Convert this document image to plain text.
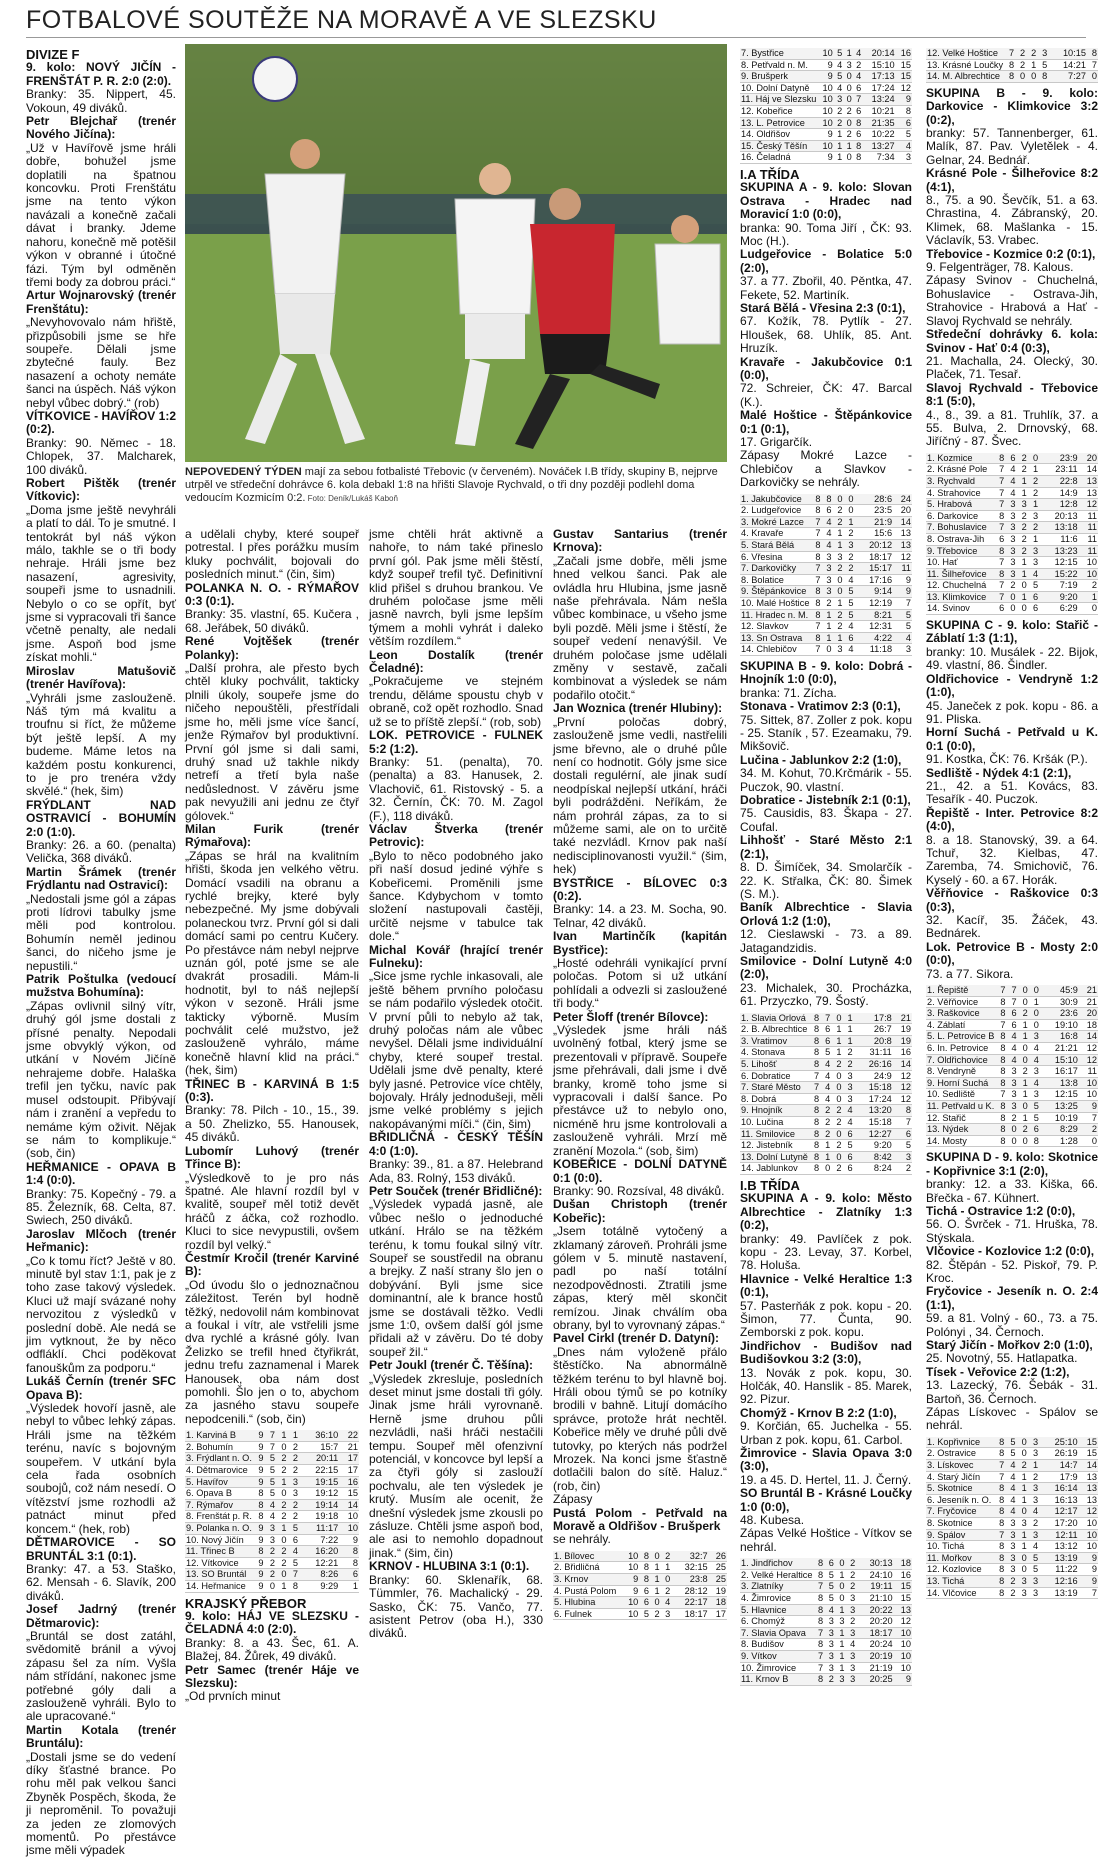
FOTBALOVÉ SOUTĚŽE NA MORAVĚ A VE SLEZSKU

DIVIZE F

9. kolo: NOVÝ JIČÍN - FRENŠTÁT P. R. 2:0 (2:0).

Branky: 35. Nippert, 45. Vokoun, 49 diváků.

Petr Blejchař (trenér Nového Jičína):

„Už v Havířově jsme hráli dobře, bohužel jsme doplatili na špatnou koncovku. Proti Frenštátu jsme na tento výkon navázali a konečně začali dávat i branky. Jdeme nahoru, konečně mě potěšil výkon v obranné i útočné fázi. Tým byl odměněn třemi body za dobrou práci.“

Artur Wojnarovský (trenér Frenštátu):

„Nevyhovovalo nám hřiště, přizpůsobili jsme se hře soupeře. Dělali jsme zbytečné fauly. Bez nasazení a ochoty nemáte šanci na úspěch. Náš výkon nebyl vůbec dobrý.“ (rob)

VÍTKOVICE - HAVÍŘOV 1:2 (0:2).

Branky: 90. Němec - 18. Chlopek, 37. Malcharek, 100 diváků.

Robert Pištěk (trenér Vítkovic):

„Doma jsme ještě nevyhráli a platí to dál. To je smutné. I tentokrát byl náš výkon málo, takhle se o tři body nehraje. Hráli jsme bez nasazení, agresivity, soupeři jsme to usnadnili. Nebylo o co se opřít, byť jsme si vypracovali tři šance včetně penalty, ale nedali jsme. Aspoň bod jsme získat mohli.“

Miroslav Matušovič (trenér Havířova):

„Vyhráli jsme zaslouženě. Náš tým má kvalitu a troufnu si říct, že můžeme být ještě lepší. A my budeme. Máme letos na každém postu konkurenci, to je pro trenéra vždy skvělé.“ (hek, šim)

FRÝDLANT NAD OSTRAVICÍ - BOHUMÍN 2:0 (1:0).

Branky: 26. a 60. (penalta) Velička, 368 diváků.

Martin Šrámek (trenér Frýdlantu nad Ostravicí):

„Nedostali jsme gól a zápas proti lídrovi tabulky jsme měli pod kontrolou. Bohumín neměl jedinou šanci, do ničeho jsme je nepustili.“

Patrik Poštulka (vedoucí mužstva Bohumína):

„Zápas ovlivnil silný vítr, druhý gól jsme dostali z přísné penalty. Nepodali jsme obvyklý výkon, od utkání v Novém Jičíně nehrajeme dobře. Halaška trefil jen tyčku, navíc pak musel odstoupit. Přibývají nám i zranění a vepředu to nemáme kým oživit. Nějak se nám to komplikuje.“ (sob, čin)

HEŘMANICE - OPAVA B 1:4 (0:0).

Branky: 75. Kopečný - 79. a 85. Železník, 68. Celta, 87. Swiech, 250 diváků.

Jaroslav Mlčoch (trenér Heřmanic):

„Co k tomu říct? Ještě v 80. minutě byl stav 1:1, pak je z toho zase takový výsledek. Kluci už mají svázané nohy nervozitou z výsledků v poslední době. Ale nedá se jim vytknout, že by něco odfláklí. Chci poděkovat fanouškům za podporu.“

Lukáš Černín (trenér SFC Opava B):

„Výsledek hovoří jasně, ale nebyl to vůbec lehký zápas. Hráli jsme na těžkém terénu, navíc s bojovným soupeřem. V utkání byla cela řada osobních soubojů, což nám nesedí. O vítězství jsme rozhodli až patnáct minut před koncem.“ (hek, rob)

DĚTMAROVICE - SO BRUNTÁL 3:1 (0:1).

Branky: 47. a 53. Staško, 62. Mensah - 6. Slavík, 200 diváků.

Josef Jadrný (trenér Dětmarovic):

„Bruntál se dost zatáhl, svědomitě bránil a vývoj zápasu šel za ním. Vyšla nám střídání, nakonec jsme potřebné góly dali a zaslouženě vyhráli. Bylo to ale upracované.“

Martin Kotala (trenér Bruntálu):

„Dostali jsme se do vedení díky šťastné brance. Po rohu měl pak velkou šanci Zbyněk Pospěch, škoda, že ji neproměnil. To považuji za jeden ze zlomových momentů. Po přestávce jsme měli výpadek

NEPOVEDENÝ TÝDEN mají za sebou fotbalisté Třebovic (v červeném). Nováček I.B třídy, skupiny B, nejprve utrpěl ve středeční dohrávce 6. kola debakl 1:8 na hřišti Slavoje Rychvald, o tři dny později podlehl doma vedoucím Kozmicím 0:2. Foto: Deník/Lukáš Kaboň

a udělali chyby, které soupeř potrestal. I přes porážku musím kluky pochválit, bojovali do posledních minut.“ (čin, šim)

POLANKA N. O. - RÝMAŘOV 0:3 (0:1).

Branky: 35. vlastní, 65. Kučera , 68. Jeřábek, 50 diváků.

René Vojtěšek (trenér Polanky):

„Další prohra, ale přesto bych chtěl kluky pochválit, takticky plnili úkoly, soupeře jsme do ničeho nepouštěli, přestřídali jsme ho, měli jsme více šancí, jenže Rýmařov byl produktivní. První gól jsme si dali sami, druhý snad už takhle nikdy netrefí a třetí byla naše nedůslednost. V závěru jsme pak nevyužili ani jednu ze čtyř gólovek.“

Milan Furik (trenér Rýmařova):

„Zápas se hrál na kvalitním hřišti, škoda jen velkého větru. Domácí vsadili na obranu a rychlé brejky, které byly nebezpečné. My jsme dobývali polaneckou tvrz. První gól si dali domácí sami po centru Kučery. Po přestávce nám nebyl nejprve uznán gól, poté jsme se ale dvakrát prosadili. Mám-li hodnotit, byl to náš nejlepší výkon v sezoně. Hráli jsme takticky výborně. Musím pochválit celé mužstvo, jež zaslouženě vyhrálo, máme konečně hlavní klid na práci.“ (hek, šim)

TŘINEC B - KARVINÁ B 1:5 (0:3).

Branky: 78. Pilch - 10., 15., 39. a 50. Zhelizko, 55. Hanousek, 45 diváků.

Lubomír Luhový (trenér Třince B):

„Výsledkově to je pro nás špatné. Ale hlavní rozdíl byl v kvalitě, soupeř měl totiž devět hráčů z áčka, což rozhodlo. Kluci to sice nevypustili, ovšem rozdíl byl velký.“

Čestmír Kročil (trenér Karviné B):

„Od úvodu šlo o jednoznačnou záležitost. Terén byl hodně těžký, nedovolil nám kombinovat a foukal i vítr, ale vstřelili jsme dva rychlé a krásné góly. Ivan Želizko se trefil hned čtyřikrát, jednu trefu zaznamenal i Marek Hanousek, oba nám dost pomohli. Šlo jen o to, abychom za jasného stavu soupeře nepodcenili.“ (sob, čin)

1. Karviná B	9	7	1	1	36:10	22
2. Bohumín	9	7	0	2	15:7	21
3. Frýdlant n. O.	9	5	2	2	20:11	17
4. Dětmarovice	9	5	2	2	22:15	17
5. Havířov	9	5	1	3	19:15	16
6. Opava B	8	5	0	3	19:12	15
7. Rýmařov	8	4	2	2	19:14	14
8. Frenštát p. R.	8	4	2	2	19:18	10
9. Polanka n. O.	9	3	1	5	11:17	10
10. Nový Jičín	9	3	0	6	7:22	9
11. Třinec B	8	2	2	4	16:20	8
12. Vítkovice	9	2	2	5	12:21	8
13. SO Bruntál	9	2	0	7	8:26	6
14. Heřmanice	9	0	1	8	9:29	1

KRAJSKÝ PŘEBOR

9. kolo: HÁJ VE SLEZSKU - ČELADNÁ 4:0 (2:0).

Branky: 8. a 43. Šec, 61. A. Blažej, 84. Žůrek, 49 diváků.

Petr Samec (trenér Háje ve Slezsku):

„Od prvních minut

jsme chtěli hrát aktivně a nahoře, to nám také přineslo první gól. Pak jsme měli štěstí, když soupeř trefil tyč. Definitivní klid přišel s druhou brankou. Ve druhém poločase jsme měli jasně navrch, byli jsme lepším týmem a mohli vyhrát i daleko větším rozdílem.“

Leon Dostalík (trenér Čeladné):

„Pokračujeme ve stejném trendu, děláme spoustu chyb v obraně, což opět rozhodlo. Snad už se to příště zlepší.“ (rob, sob)

LOK. PETROVICE - FULNEK 5:2 (1:2).

Branky: 51. (penalta), 70. (penalta) a 83. Hanusek, 2. Vlachovič, 61. Ristovský - 5. a 32. Černín, ČK: 70. M. Zagol (F.), 118 diváků.

Václav Štverka (trenér Petrovic):

„Bylo to něco podobného jako při naší dosud jediné výhře s Kobeřicemi. Proměnili jsme šance. Kdybychom v tomto složení nastupovali častěji, určitě nejsme v tabulce tak dole.“

Michal Kovář (hrající trenér Fulneku):

„Sice jsme rychle inkasovali, ale ještě během prvního poločasu se nám podařilo výsledek otočit. V první půli to nebylo až tak, druhý poločas nám ale vůbec nevyšel. Dělali jsme individuální chyby, které soupeř trestal. Udělali jsme dvě penalty, které byly jasné. Petrovice více chtěly, bojovaly. Hrály jednodušeji, měli jsme velké problémy s jejich nakopávanými míči.“ (čin, šim)

BŘIDLIČNÁ - ČESKÝ TĚŠÍN 4:0 (1:0).

Branky: 39., 81. a 87. Helebrand Ada, 83. Rolný, 153 diváků.

Petr Souček (trenér Břidličné):

„Výsledek vypadá jasně, ale vůbec nešlo o jednoduché utkání. Hrálo se na těžkém terénu, k tomu foukal silný vítr. Soupeř se soustředil na obranu a brejky. Z naší strany šlo jen o dobývání. Byli jsme sice dominantní, ale k brance hostů jsme se dostávali těžko. Vedli jsme 1:0, ovšem další gól jsme přidali až v závěru. Do té doby soupeř žil.“

Petr Joukl (trenér Č. Těšína):

„Výsledek zkresluje, posledních deset minut jsme dostali tři góly. Jinak jsme hráli vyrovnaně. Herně jsme druhou půli nezvládli, naši hráči nestačili tempu. Soupeř měl ofenzivní potenciál, v koncovce byl lepší a za čtyři góly si zaslouží pochvalu, ale ten výsledek je krutý. Musím ale ocenit, že dnešní výsledek jsme zkousli po zásluze. Chtěli jsme aspoň bod, ale asi to nemohlo dopadnout jinak.“ (šim, čin)

KRNOV - HLUBINA 3:1 (0:1).

Branky: 60. Sklenařík, 68. Tümmler, 76. Machalický - 29. Sasko, ČK: 75. Vančo, 77. asistent Petrov (oba H.), 330 diváků.

Gustav Santarius (trenér Krnova):

„Začali jsme dobře, měli jsme hned velkou šanci. Pak ale ovládla hru Hlubina, jsme jasně naše přehrávala. Nám nešla vůbec kombinace, u všeho jsme byli pozdě. Měli jsme i štěstí, že soupeř vedení nenavýšil. Ve druhém poločase jsme udělali změny v sestavě, začali kombinovat a výsledek se nám podařilo otočit.“

Jan Woznica (trenér Hlubiny):

„První poločas dobrý, zaslouženě jsme vedli, nastřelili jsme břevno, ale o druhé půle není co hodnotit. Góly jsme sice dostali regulérní, ale jinak sudí neodpískal nejlepší utkání, hráči byli podrážděni. Neříkám, že nám prohrál zápas, za to si můžeme sami, ale on to určitě také nezvládl. Krnov pak naší nedisciplinovanosti využil.“ (šim, hek)

BYSTŘICE - BÍLOVEC 0:3 (0:2).

Branky: 14. a 23. M. Socha, 90. Telnar, 42 diváků.

Ivan Martinčík (kapitán Bystřice):

„Hosté odehráli vynikající první poločas. Potom si už utkání pohlídali a odvezli si zasloužené tři body.“

Peter Šloff (trenér Bílovce):

„Výsledek jsme hráli náš uvolněný fotbal, který jsme se prezentovali v přípravě. Soupeře jsme přehrávali, dali jsme i dvě branky, kromě toho jsme si vypracovali i další šance. Po přestávce už to nebylo ono, nicméně hru jsme kontrolovali a zaslouženě vyhráli. Mrzí mě zranění Mozola.“ (sob, šim)

KOBEŘICE - DOLNÍ DATYNĚ 0:1 (0:0).

Branky: 90. Rozsíval, 48 diváků.

Dušan Christoph (trenér Kobeřic):

„Jsem totálně vytočený a zklamaný zároveň. Prohráli jsme gólem v 5. minutě nastavení, padl po naší totální nezodpovědnosti. Ztratili jsme zápas, který měl skončit remízou. Jinak chválím oba obrany, byl to vyrovnaný zápas.“

Pavel Cirkl (trenér D. Datyní):

„Dnes nám vyloženě přálo štěstíčko. Na abnormálně těžkém terénu to byl hlavně boj. Hráli obou týmů se po kotníky brodili v bahně. Litují domácího správce, protože hrát nechtěl. Kobeřice měly ve druhé půli dvě tutovky, po kterých nás podržel Mrozek. Na konci jsme šťastně dotlačili balon do sítě. Haluz.“ (rob, čin)

Zápasy

Pustá Polom - Petřvald na Moravě a Oldřišov - Brušperk

se nehrály.

1. Bílovec	10	8	0	2	32:7	26
2. Břidličná	10	8	1	1	32:15	25
3. Krnov	9	8	1	0	23:8	25
4. Pustá Polom	9	6	1	2	28:12	19
5. Hlubina	10	6	0	4	22:17	18
6. Fulnek	10	5	2	3	18:17	17
7. Bystřice	10	5	1	4	20:14	16
8. Petřvald n. M.	9	4	3	2	15:10	15
9. Brušperk	9	5	0	4	17:13	15
10. Dolní Datyně	10	4	0	6	17:24	12
11. Háj ve Slezsku	10	3	0	7	13:24	9
12. Kobeřice	10	2	2	6	10:21	8
13. L. Petrovice	10	2	0	8	21:35	6
14. Oldřišov	9	1	2	6	10:22	5
15. Český Těšín	10	1	1	8	13:27	4
16. Čeladná	9	1	0	8	7:34	3

I.A TŘÍDA

SKUPINA A - 9. kolo: Slovan Ostrava - Hradec nad Moravicí 1:0 (0:0),

branka: 90. Toma Jiří , ČK: 93. Moc (H.).

Ludgeřovice - Bolatice 5:0 (2:0),

37. a 77. Zbořil, 40. Pěntka, 47. Fekete, 52. Martiník.

Stará Bělá - Vřesina 2:3 (0:1),

67. Kožík, 78. Pytlík - 27. Hloušek, 68. Uhlík, 85. Ant. Hruzík.

Kravaře - Jakubčovice 0:1 (0:0),

72. Schreier, ČK: 47. Barcal (K.).

Malé Hoštice - Štěpánkovice 0:1 (0:1),

17. Grigarčík.

Zápasy Mokré Lazce - Chlebičov a Slavkov - Darkovičky se nehrály.

1. Jakubčovice	8	8	0	0	28:6	24
2. Ludgeřovice	8	6	2	0	23:5	20
3. Mokré Lazce	7	4	2	1	21:9	14
4. Kravaře	7	4	1	2	15:6	13
5. Stará Bělá	8	4	1	3	20:12	13
6. Vřesina	8	3	3	2	18:17	12
7. Darkovičky	7	3	2	2	15:17	11
8. Bolatice	7	3	0	4	17:16	9
9. Štěpánkovice	8	3	0	5	9:14	9
10. Malé Hoštice	8	2	1	5	12:19	7
11. Hradec n. M.	8	1	2	5	8:21	5
12. Slavkov	7	1	2	4	12:31	5
13. Sn Ostrava	8	1	1	6	4:22	4
14. Chlebičov	7	0	3	4	11:18	3

SKUPINA B - 9. kolo: Dobrá - Hnojník 1:0 (0:0),

branka: 71. Zícha.

Stonava - Vratimov 2:3 (0:1),

75. Sittek, 87. Zoller z pok. kopu - 25. Staník , 57. Ezeamaku, 79. Mikšovič.

Lučina - Jablunkov 2:2 (1:0),

34. M. Kohut, 70.Krčmárik - 55. Puczok, 90. vlastní.

Dobratice - Jistebník 2:1 (0:1),

75. Causidis, 83. Škapa - 27. Coufal.

Lihhošť - Staré Město 2:1 (2:1),

8. D. Šimíček, 34. Smolarčík - 22. K. Střalka, ČK: 80. Šimek (S. M.).

Baník Albrechtice - Slavia Orlová 1:2 (1:0),

12. Cieslawski - 73. a 89. Jatagandzidis.

Smilovice - Dolní Lutyně 4:0 (2:0),

23. Michalek, 30. Procházka, 61. Przyczko, 79. Šostý.

1. Slavia Orlová	8	7	0	1	17:8	21
2. B. Albrechtice	8	6	1	1	26:7	19
3. Vratimov	8	6	1	1	20:8	19
4. Stonava	8	5	1	2	31:11	16
5. Lihošť	8	4	2	2	26:16	14
6. Dobratice	7	4	0	3	24:9	12
7. Staré Město	7	4	0	3	15:18	12
8. Dobrá	8	4	0	3	17:24	12
9. Hnojník	8	2	2	4	13:20	8
10. Lučina	8	2	2	4	15:18	7
11. Smilovice	8	2	0	6	12:27	6
12. Jistebník	8	1	2	5	9:20	5
13. Dolní Lutyně	8	1	0	6	8:42	3
14. Jablunkov	8	0	2	6	8:24	2

I.B TŘÍDA

SKUPINA A - 9. kolo: Město Albrechtice - Zlatníky 1:3 (0:2),

branky: 49. Pavlíček z pok. kopu - 23. Levay, 37. Korbel, 78. Holuša.

Hlavnice - Velké Heraltice 1:3 (0:1),

57. Pasterňák z pok. kopu - 20. Šimon, 77. Čunta, 90. Zemborski z pok. kopu.

Jindřichov - Budišov nad Budišovkou 3:2 (3:0),

13. Novák z pok. kopu, 30. Holčák, 40. Hanslik - 85. Marek, 92. Pizur.

Chomýž - Krnov B 2:2 (1:0),

9. Korčián, 65. Juchelka - 55. Urban z pok. kopu, 61. Carbol.

Žimrovice - Slavia Opava 3:0 (3:0),

19. a 45. D. Hertel, 11. J. Černý.

SO Bruntál B - Krásné Loučky 1:0 (0:0),

48. Kubesa.

Zápas Velké Hoštice - Vítkov se nehrál.

1. Jindřichov	8	6	0	2	30:13	18
2. Velké Heraltice	8	5	1	2	24:10	16
3. Zlatníky	7	5	0	2	19:11	15
4. Žimrovice	8	5	0	3	21:10	15
5. Hlavnice	8	4	1	3	20:22	13
6. Chomýž	8	3	3	2	20:20	12
7. Slavia Opava	7	3	1	3	18:17	10
8. Budišov	8	3	1	4	20:24	10
9. Vítkov	7	3	1	3	20:19	10
10. Žimrovice	7	3	1	3	21:19	10
11. Krnov B	8	2	3	3	20:25	9
12. Velké Hoštice	7	2	2	3	10:15	8
13. Krásné Loučky	8	2	1	5	14:21	7
14. M. Albrechtice	8	0	0	8	7:27	0

SKUPINA B - 9. kolo: Darkovice - Klimkovice 3:2 (0:2),

branky: 57. Tannenberger, 61. Malík, 87. Pav. Vyletělek - 4. Gelnar, 24. Bednář.

Krásné Pole - Šilheřovice 8:2 (4:1),

8., 75. a 90. Ševčík, 51. a 63. Chrastina, 4. Zábranský, 20. Klimek, 68. Mašlanka - 15. Václavík, 53. Vrabec.

Třebovice - Kozmice 0:2 (0:1),

9. Felgenträger, 78. Kalous.

Zápasy Svinov - Chuchelná, Bohuslavice - Ostrava-Jih, Strahovice - Hrabová a Hať - Slavoj Rychvald se nehrály.

Středeční dohrávky 6. kola: Svinov - Hať 0:4 (0:3),

21. Machalla, 24. Olecký, 30. Plaček, 71. Tesař.

Slavoj Rychvald - Třebovice 8:1 (5:0),

4., 8., 39. a 81. Truhlík, 37. a 55. Bulva, 2. Drnovský, 68. Jiříčný - 87. Švec.

1. Kozmice	8	6	2	0	23:9	20
2. Krásné Pole	7	4	2	1	23:11	14
3. Rychvald	7	4	1	2	22:8	13
4. Strahovice	7	4	1	2	14:9	13
5. Hrabová	7	3	3	1	12:8	12
6. Darkovice	8	3	2	3	20:13	11
7. Bohuslavice	7	3	2	2	13:18	11
8. Ostrava-Jih	6	3	2	1	11:6	11
9. Třebovice	8	3	2	3	13:23	11
10. Hať	7	3	1	3	12:15	10
11. Šilheřovice	8	3	1	4	15:22	10
12. Chuchelná	7	2	0	5	7:19	2
13. Klimkovice	7	0	1	6	9:20	1
14. Svinov	6	0	0	6	6:29	0

SKUPINA C - 9. kolo: Stařič - Záblatí 1:3 (1:1),

branky: 10. Musálek - 22. Bijok, 49. vlastní, 86. Šindler.

Oldřichovice - Vendryně 1:2 (1:0),

45. Janeček z pok. kopu - 86. a 91. Pliska.

Horní Suchá - Petřvald u K. 0:1 (0:0),

91. Kostka, ČK: 76. Kršák (P.).

Sedliště - Nýdek 4:1 (2:1),

21., 42. a 51. Kovács, 83. Tesařík - 40. Puczok.

Řepiště - Inter. Petrovice 8:2 (4:0),

8. a 18. Stanovský, 39. a 64. Tchuř, 32. Kielbas, 47. Zaremba, 74. Smichovič, 76. Kyselý - 60. a 67. Horák.

Věřňovice - Raškovice 0:3 (0:3),

32. Kacíř, 35. Žáček, 43. Bednárek.

Lok. Petrovice B - Mosty 2:0 (0:0),

73. a 77. Sikora.

1. Řepiště	7	7	0	0	45:9	21
2. Věřňovice	8	7	0	1	30:9	21
3. Raškovice	8	6	2	0	23:6	20
4. Záblatí	7	6	1	0	19:10	18
5. L. Petrovice B	8	4	1	3	16:8	14
6. In. Petrovice	8	4	0	4	21:21	12
7. Oldřichovice	8	4	0	4	15:10	12
8. Vendryně	8	3	2	3	16:17	11
9. Horní Suchá	8	3	1	4	13:8	10
10. Sedliště	7	3	1	3	12:15	10
11. Petřvald u K.	8	3	0	5	13:25	9
12. Stařič	8	2	1	5	10:19	7
13. Nýdek	8	0	2	6	8:29	2
14. Mosty	8	0	0	8	1:28	0

SKUPINA D - 9. kolo: Skotnice - Kopřivnice 3:1 (2:0),

branky: 12. a 33. Kiška, 66. Břečka - 67. Kühnert.

Tichá - Ostravice 1:2 (0:0),

56. O. Švrček - 71. Hruška, 78. Stýskala.

Vlčovice - Kozlovice 1:2 (0:0),

82. Štěpán - 52. Piskoř, 79. P. Kroc.

Fryčovice - Jeseník n. O. 2:4 (1:1),

59. a 81. Volný - 60., 73. a 75. Polónyi , 34. Černoch.

Starý Jičín - Mořkov 2:0 (1:0),

25. Novotný, 55. Hatlapatka.

Tísek - Veřovice 2:2 (1:2),

13. Lazecký, 76. Šebák - 31. Bartoň, 36. Černoch.

Zápas Lískovec - Spálov se nehrál.

1. Kopřivnice	8	5	0	3	25:10	15
2. Ostravice	8	5	0	3	26:19	15
3. Lískovec	7	4	2	1	14:7	14
4. Starý Jičín	7	4	1	2	17:9	13
5. Skotnice	8	4	1	3	16:14	13
6. Jeseník n. O.	8	4	1	3	16:13	13
7. Fryčovice	8	4	0	4	12:17	12
8. Skotnice	8	3	3	2	17:20	10
9. Spálov	7	3	1	3	12:11	10
10. Tichá	8	3	1	4	13:12	10
11. Mořkov	8	3	0	5	13:19	9
12. Kozlovice	8	3	0	5	11:22	9
13. Tichá	8	2	3	3	12:16	9
14. Vlčovice	8	2	3	3	13:19	7
